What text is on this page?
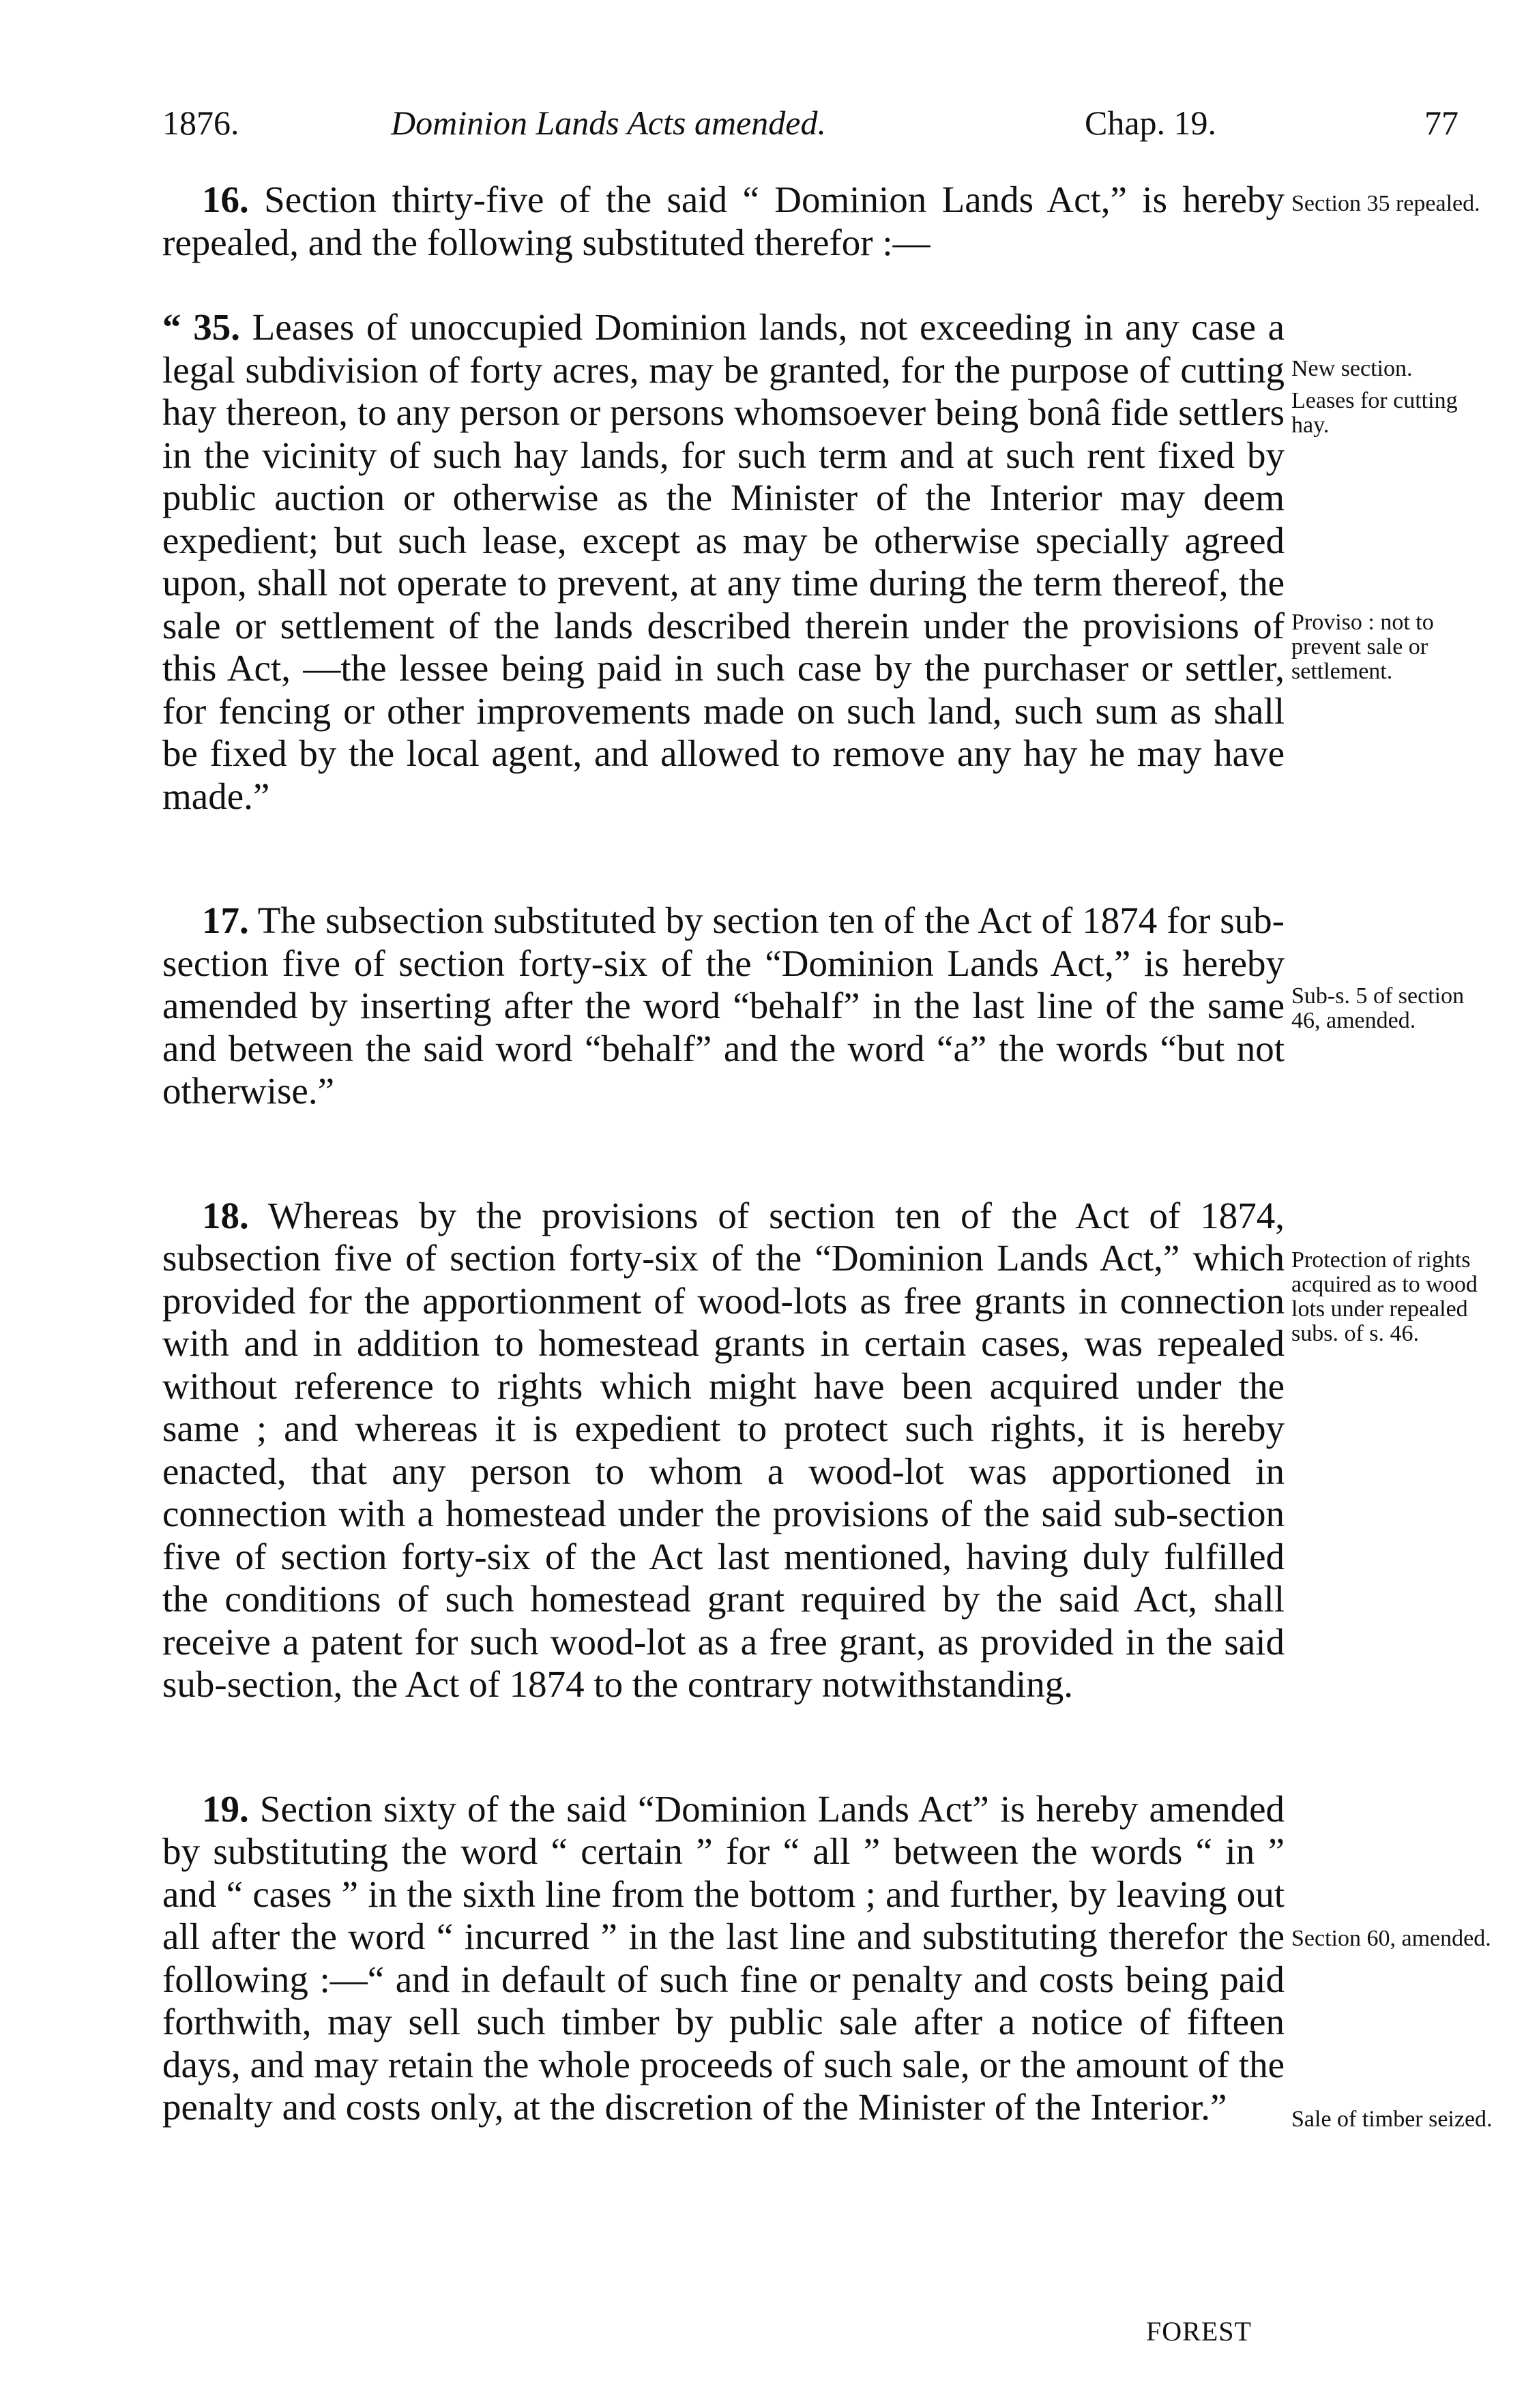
1876.	Dominion Lands Acts amended.	Chap. 19.	77

16. Section thirty-five of the said “ Dominion Lands Act,” is hereby repealed, and the following substituted therefor :—

“ 35. Leases of unoccupied Dominion lands, not exceeding in any case a legal subdivision of forty acres, may be granted, for the purpose of cutting hay thereon, to any person or persons whomsoever being bonâ fide settlers in the vicinity of such hay lands, for such term and at such rent fixed by public auction or otherwise as the Minister of the Interior may deem expedient; but such lease, except as may be otherwise specially agreed upon, shall not operate to prevent, at any time during the term thereof, the sale or settlement of the lands described therein under the provisions of this Act, —the lessee being paid in such case by the purchaser or settler, for fencing or other improvements made on such land, such sum as shall be fixed by the local agent, and allowed to remove any hay he may have made.”

17. The subsection substituted by section ten of the Act of 1874 for sub-section five of section forty-six of the “Dominion Lands Act,” is hereby amended by inserting after the word “behalf” in the last line of the same and between the said word “behalf” and the word “a” the words “but not otherwise.”

18. Whereas by the provisions of section ten of the Act of 1874, subsection five of section forty-six of the “Dominion Lands Act,” which provided for the apportionment of wood-lots as free grants in connection with and in addition to homestead grants in certain cases, was repealed without reference to rights which might have been acquired under the same ; and whereas it is expedient to protect such rights, it is hereby enacted, that any person to whom a wood-lot was apportioned in connection with a homestead under the provisions of the said sub-section five of section forty-six of the Act last mentioned, having duly fulfilled the conditions of such homestead grant required by the said Act, shall receive a patent for such wood-lot as a free grant, as provided in the said sub-section, the Act of 1874 to the contrary notwithstanding.

19. Section sixty of the said “Dominion Lands Act” is hereby amended by substituting the word “ certain ” for “ all ” between the words “ in ” and “ cases ” in the sixth line from the bottom ; and further, by leaving out all after the word “ incurred ” in the last line and substituting therefor the following :—“ and in default of such fine or penalty and costs being paid forthwith, may sell such timber by public sale after a notice of fifteen days, and may retain the whole proceeds of such sale, or the amount of the penalty and costs only, at the discretion of the Minister of the Interior.”

Section 35 repealed.
New section.
Leases for cutting hay.
Proviso : not to prevent sale or settlement.
Sub-s. 5 of section 46, amended.
Protection of rights acquired as to wood lots under repealed subs. of s. 46.
Section 60, amended.
Sale of timber seized.
FOREST
